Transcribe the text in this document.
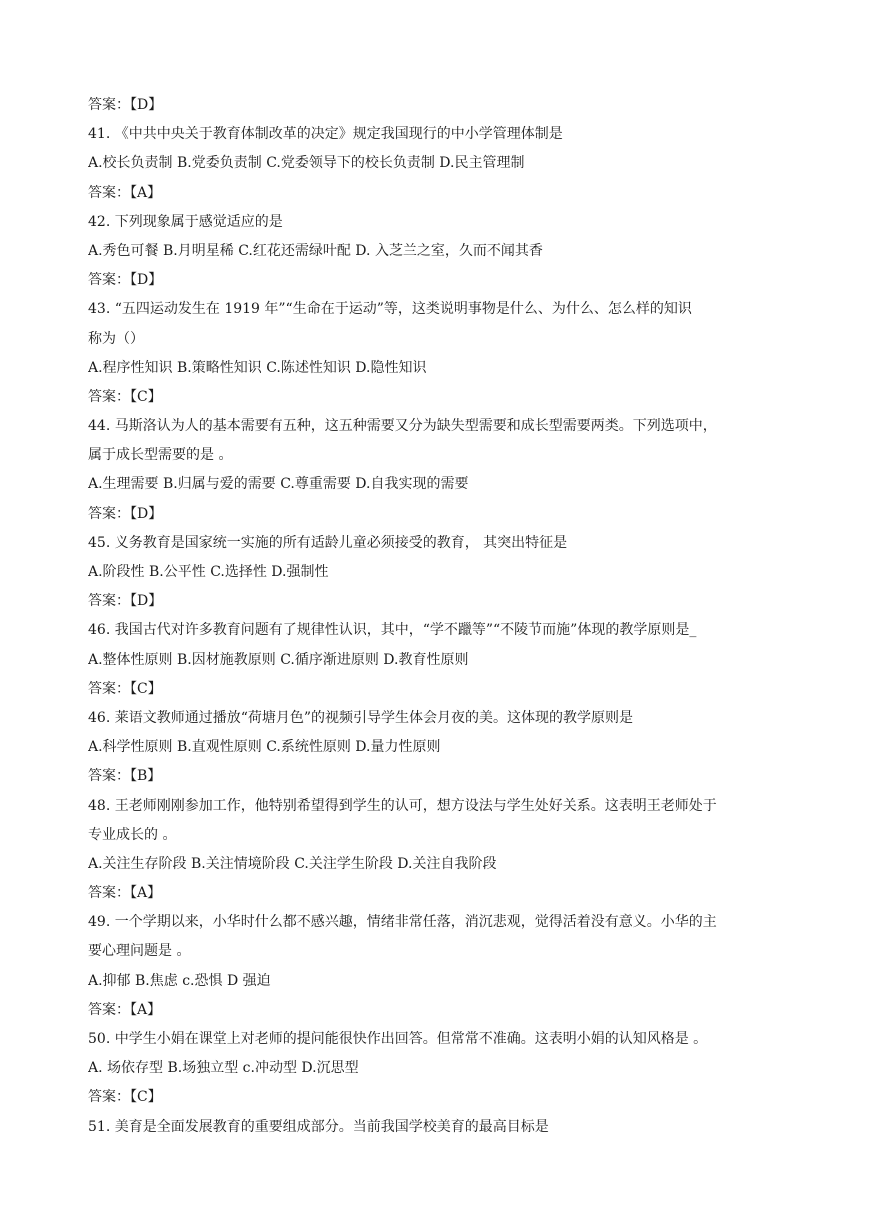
答案：【D】
41. 《中共中央关于教育体制改革的决定》规定我国现行的中小学管理体制是
A.校长负责制 B.党委负责制 C.党委领导下的校长负责制 D.民主管理制
答案：【A】
42. 下列现象属于感觉适应的是
A.秀色可餐 B.月明星稀 C.红花还需绿叶配 D. 入芝兰之室，久而不闻其香
答案：【D】
43. “五四运动发生在 1919 年”“生命在于运动”等，这类说明事物是什么、为什么、怎么样的知识
称为（）
A.程序性知识 B.策略性知识 C.陈述性知识 D.隐性知识
答案：【C】
44. 马斯洛认为人的基本需要有五种，这五种需要又分为缺失型需要和成长型需要两类。下列选项中，
属于成长型需要的是 。
A.生理需要 B.归属与爱的需要 C.尊重需要 D.自我实现的需要
答案：【D】
45. 义务教育是国家统一实施的所有适龄儿童必须接受的教育， 其突出特征是
A.阶段性 B.公平性 C.选择性 D.强制性
答案：【D】
46. 我国古代对许多教育问题有了规律性认识，其中，“学不躐等”“不陵节而施”体现的教学原则是_
A.整体性原则 B.因材施教原则 C.循序渐进原则 D.教育性原则
答案：【C】
46. 莱语文教师通过播放“荷塘月色”的视频引导学生体会月夜的美。这体现的教学原则是
A.科学性原则 B.直观性原则 C.系统性原则 D.量力性原则
答案：【B】
48. 王老师刚刚参加工作，他特别希望得到学生的认可，想方设法与学生处好关系。这表明王老师处于
专业成长的 。
A.关注生存阶段 B.关注情境阶段 C.关注学生阶段 D.关注自我阶段
答案：【A】
49. 一个学期以来，小华时什么都不感兴趣，情绪非常任落，消沉悲观，觉得活着没有意义。小华的主
要心理问题是 。
A.抑郁 B.焦虑 c.恐惧 D 强迫
答案：【A】
50. 中学生小娟在课堂上对老师的提问能很快作出回答。但常常不准确。这表明小娟的认知风格是 。
A. 场依存型 B.场独立型 c.冲动型 D.沉思型
答案：【C】
51. 美育是全面发展教育的重要组成部分。当前我国学校美育的最高目标是
